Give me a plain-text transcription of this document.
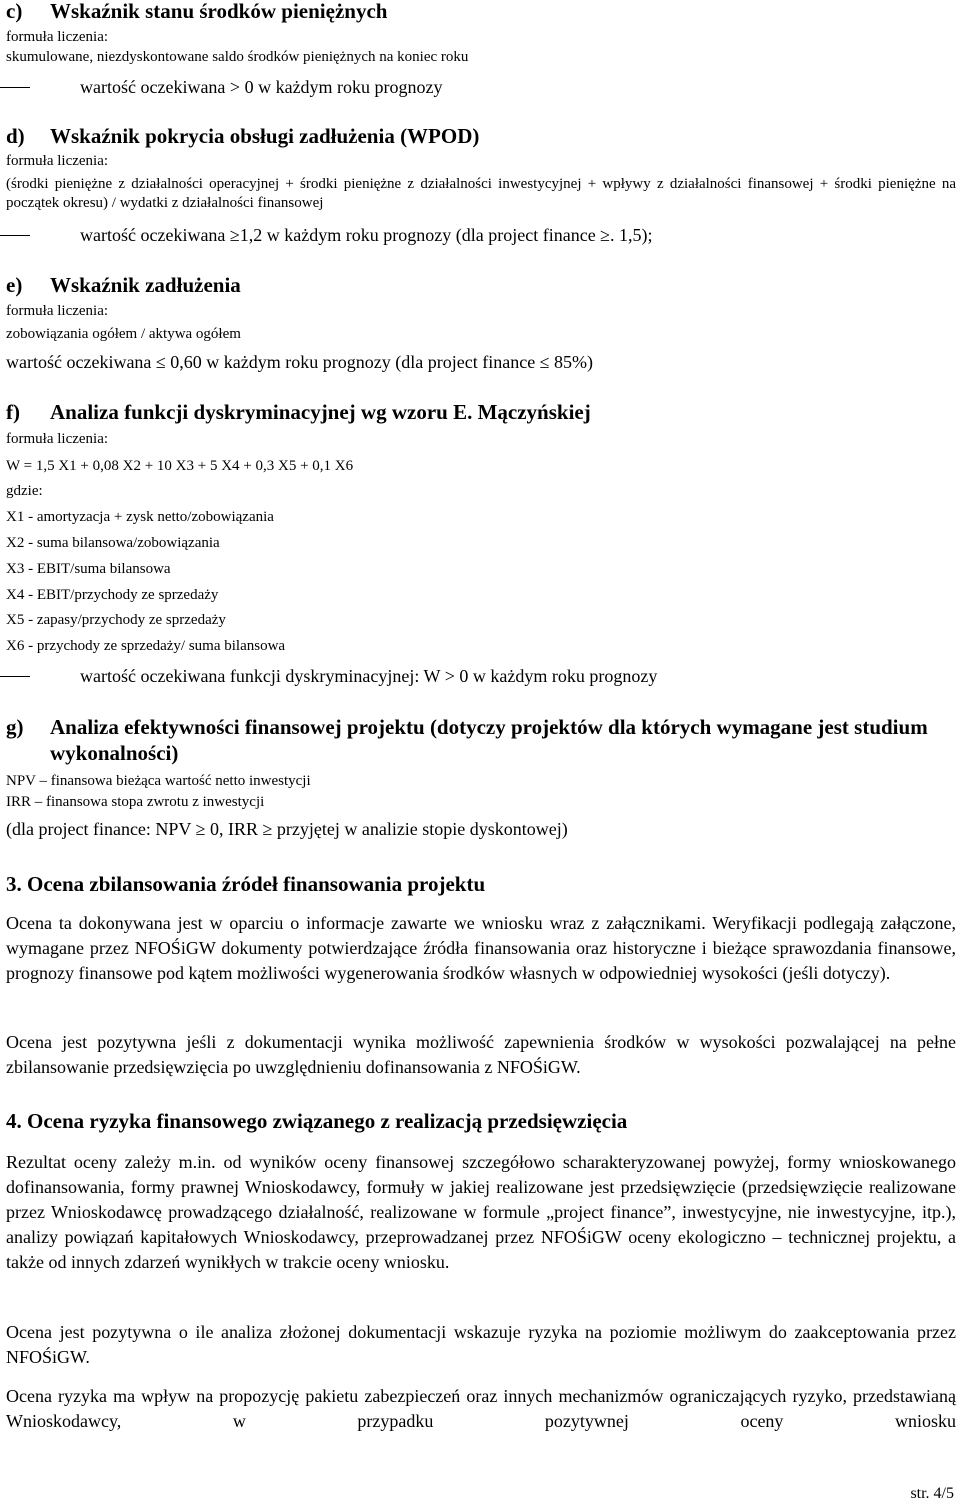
c) Wskaźnik stanu środków pieniężnych
formuła liczenia:
skumulowane, niezdyskontowane saldo środków pieniężnych na koniec roku
wartość oczekiwana > 0 w każdym roku prognozy
d) Wskaźnik pokrycia obsługi zadłużenia (WPOD)
formuła liczenia:
(środki pieniężne z działalności operacyjnej + środki pieniężne z działalności inwestycyjnej + wpływy z działalności finansowej + środki pieniężne na początek okresu) / wydatki z działalności finansowej
wartość oczekiwana ≥1,2 w każdym roku prognozy (dla project finance ≥. 1,5);
e) Wskaźnik zadłużenia
formuła liczenia:
zobowiązania ogółem / aktywa ogółem
wartość oczekiwana ≤ 0,60 w każdym roku prognozy (dla project finance ≤ 85%)
f) Analiza funkcji dyskryminacyjnej wg wzoru E. Mączyńskiej
formuła liczenia:
W = 1,5 X1 + 0,08 X2 + 10 X3 + 5 X4 + 0,3 X5 + 0,1 X6
gdzie:
X1 - amortyzacja + zysk netto/zobowiązania
X2 - suma bilansowa/zobowiązania
X3 - EBIT/suma bilansowa
X4 - EBIT/przychody ze sprzedaży
X5 - zapasy/przychody ze sprzedaży
X6 - przychody ze sprzedaży/ suma bilansowa
wartość oczekiwana funkcji dyskryminacyjnej: W > 0 w każdym roku prognozy
g) Analiza efektywności finansowej projektu (dotyczy projektów dla których wymagane jest studium wykonalności)
NPV – finansowa bieżąca wartość netto inwestycji
IRR – finansowa stopa zwrotu z inwestycji
(dla project finance: NPV ≥ 0, IRR ≥ przyjętej w analizie stopie dyskontowej)
3. Ocena zbilansowania źródeł finansowania projektu
Ocena ta dokonywana jest w oparciu o informacje zawarte we wniosku wraz z załącznikami. Weryfikacji podlegają załączone, wymagane przez NFOŚiGW dokumenty potwierdzające źródła finansowania oraz historyczne i bieżące sprawozdania finansowe, prognozy finansowe pod kątem możliwości wygenerowania środków własnych w odpowiedniej wysokości (jeśli dotyczy).
Ocena jest pozytywna jeśli z dokumentacji wynika możliwość zapewnienia środków w wysokości pozwalającej na pełne zbilansowanie przedsięwzięcia po uwzględnieniu dofinansowania z NFOŚiGW.
4. Ocena ryzyka finansowego związanego z realizacją przedsięwzięcia
Rezultat oceny zależy m.in. od wyników oceny finansowej szczegółowo scharakteryzowanej powyżej, formy wnioskowanego dofinansowania, formy prawnej Wnioskodawcy, formuły w jakiej realizowane jest przedsięwzięcie (przedsięwzięcie realizowane przez Wnioskodawcę prowadzącego działalność, realizowane w formule „project finance”, inwestycyjne, nie inwestycyjne, itp.), analizy powiązań kapitałowych Wnioskodawcy, przeprowadzanej przez NFOŚiGW oceny ekologiczno – technicznej projektu, a także od innych zdarzeń wynikłych w trakcie oceny wniosku.
Ocena jest pozytywna o ile analiza złożonej dokumentacji wskazuje ryzyka na poziomie możliwym do zaakceptowania przez NFOŚiGW.
Ocena ryzyka ma wpływ na propozycję pakietu zabezpieczeń oraz innych mechanizmów ograniczających ryzyko, przedstawianą Wnioskodawcy, w przypadku pozytywnej oceny wniosku
str. 4/5
